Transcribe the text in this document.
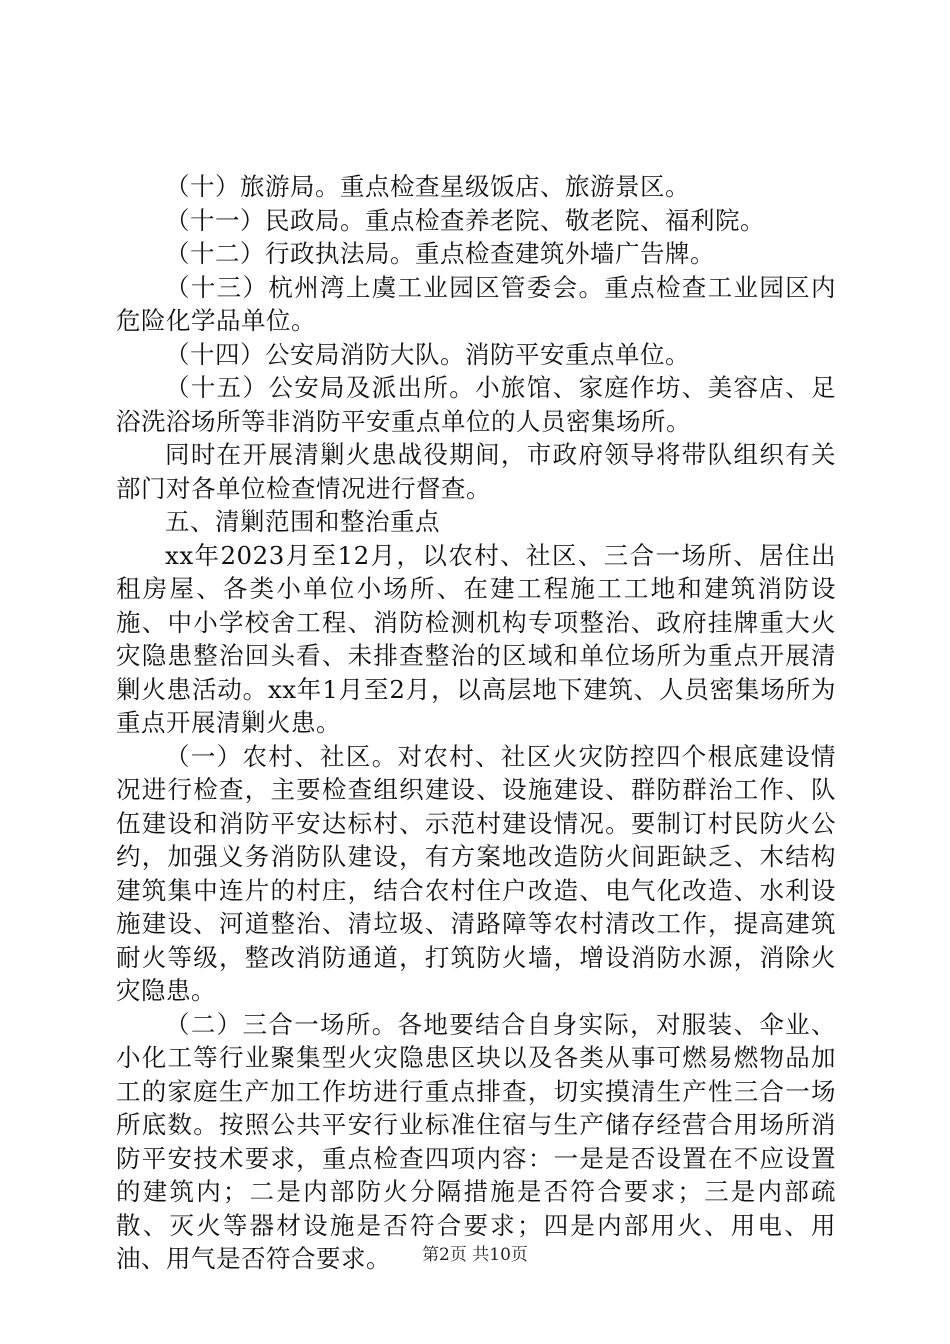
（十）旅游局。重点检查星级饭店、旅游景区。

（十一）民政局。重点检查养老院、敬老院、福利院。

（十二）行政执法局。重点检查建筑外墙广告牌。

（十三）杭州湾上虞工业园区管委会。重点检查工业园区内危险化学品单位。

（十四）公安局消防大队。消防平安重点单位。

（十五）公安局及派出所。小旅馆、家庭作坊、美容店、足浴洗浴场所等非消防平安重点单位的人员密集场所。

同时在开展清剿火患战役期间，市政府领导将带队组织有关部门对各单位检查情况进行督查。

五、清剿范围和整治重点

xx年2023月至12月，以农村、社区、三合一场所、居住出租房屋、各类小单位小场所、在建工程施工工地和建筑消防设施、中小学校舍工程、消防检测机构专项整治、政府挂牌重大火灾隐患整治回头看、未排查整治的区域和单位场所为重点开展清剿火患活动。xx年1月至2月，以高层地下建筑、人员密集场所为重点开展清剿火患。

（一）农村、社区。对农村、社区火灾防控四个根底建设情况进行检查，主要检查组织建设、设施建设、群防群治工作、队伍建设和消防平安达标村、示范村建设情况。要制订村民防火公约，加强义务消防队建设，有方案地改造防火间距缺乏、木结构建筑集中连片的村庄，结合农村住户改造、电气化改造、水利设施建设、河道整治、清垃圾、清路障等农村清改工作，提高建筑耐火等级，整改消防通道，打筑防火墙，增设消防水源，消除火灾隐患。

（二）三合一场所。各地要结合自身实际，对服装、伞业、小化工等行业聚集型火灾隐患区块以及各类从事可燃易燃物品加工的家庭生产加工作坊进行重点排查，切实摸清生产性三合一场所底数。按照公共平安行业标准住宿与生产储存经营合用场所消防平安技术要求，重点检查四项内容：一是是否设置在不应设置的建筑内；二是内部防火分隔措施是否符合要求；三是内部疏散、灭火等器材设施是否符合要求；四是内部用火、用电、用油、用气是否符合要求。	第2页 共10页
